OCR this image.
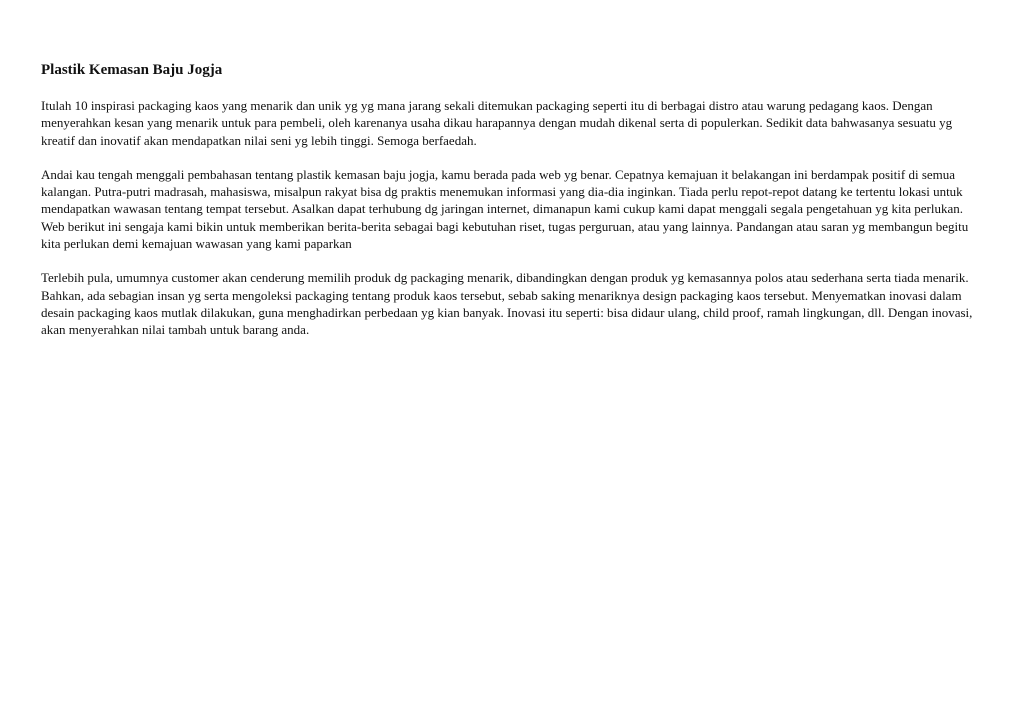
Plastik Kemasan Baju Jogja

Itulah 10 inspirasi packaging kaos yang menarik dan unik yg yg mana jarang sekali ditemukan packaging seperti itu di berbagai distro atau warung pedagang kaos. Dengan menyerahkan kesan yang menarik untuk para pembeli, oleh karenanya usaha dikau harapannya dengan mudah dikenal serta di populerkan. Sedikit data bahwasanya sesuatu yg kreatif dan inovatif akan mendapatkan nilai seni yg lebih tinggi. Semoga berfaedah.

Andai kau tengah menggali pembahasan tentang plastik kemasan baju jogja, kamu berada pada web yg benar. Cepatnya kemajuan it belakangan ini berdampak positif di semua kalangan. Putra-putri madrasah, mahasiswa, misalpun rakyat bisa dg praktis menemukan informasi yang dia-dia inginkan. Tiada perlu repot-repot datang ke tertentu lokasi untuk mendapatkan wawasan tentang tempat tersebut. Asalkan dapat terhubung dg jaringan internet, dimanapun kami cukup kami dapat menggali segala pengetahuan yg kita perlukan. Web berikut ini sengaja kami bikin untuk memberikan berita-berita sebagai bagi kebutuhan riset, tugas perguruan, atau yang lainnya. Pandangan atau saran yg membangun begitu kita perlukan demi kemajuan wawasan yang kami paparkan

Terlebih pula, umumnya customer akan cenderung memilih produk dg packaging menarik, dibandingkan dengan produk yg kemasannya polos atau sederhana serta tiada menarik. Bahkan, ada sebagian insan yg serta mengoleksi packaging tentang produk kaos tersebut, sebab saking menariknya design packaging kaos tersebut. Menyematkan inovasi dalam desain packaging kaos mutlak dilakukan, guna menghadirkan perbedaan yg kian banyak. Inovasi itu seperti: bisa didaur ulang, child proof, ramah lingkungan, dll. Dengan inovasi, akan menyerahkan nilai tambah untuk barang anda.
